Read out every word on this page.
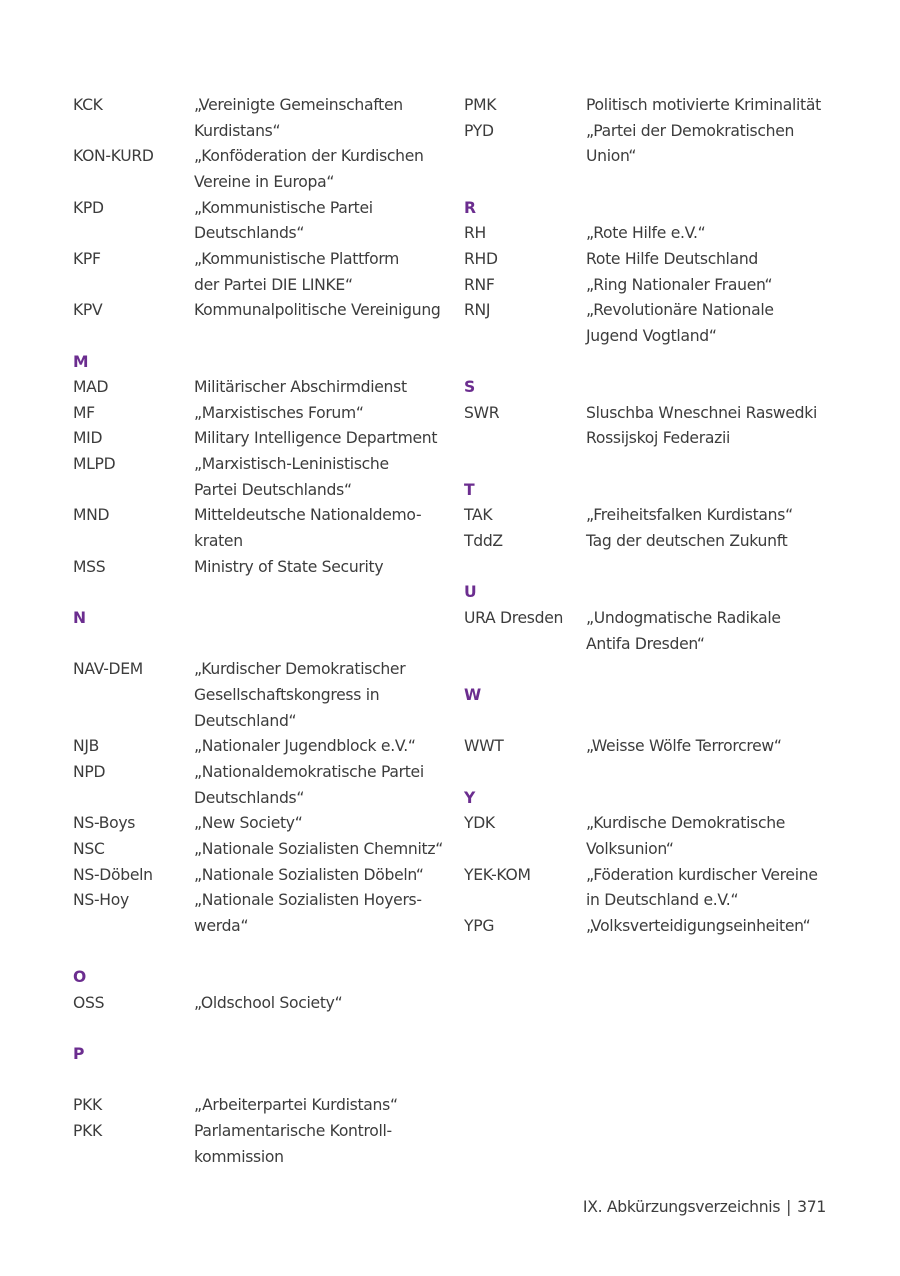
KCK	„Vereinigte Gemeinschaften
Kurdistans“
KON-KURD	„Konföderation der Kurdischen
Vereine in Europa“
KPD	„Kommunistische Partei
Deutschlands“
KPF	„Kommunistische Plattform
der Partei DIE LINKE“
KPV	Kommunalpolitische Vereinigung
M
MAD	Militärischer Abschirmdienst
MF	„Marxistisches Forum“
MID	Military Intelligence Department
MLPD	„Marxistisch-Leninistische
Partei Deutschlands“
MND	Mitteldeutsche Nationaldemo-
kraten
MSS	Ministry of State Security
N
NAV-DEM	„Kurdischer Demokratischer
Gesellschaftskongress in
Deutschland“
NJB	„Nationaler Jugendblock e.V.“
NPD	„Nationaldemokratische Partei
Deutschlands“
NS-Boys	„New Society“
NSC	„Nationale Sozialisten Chemnitz“
NS-Döbeln	„Nationale Sozialisten Döbeln“
NS-Hoy	„Nationale Sozialisten Hoyers-
werda“
O
OSS	„Oldschool Society“
P
PKK	„Arbeiterpartei Kurdistans“
PKK	Parlamentarische Kontroll-
kommission
PMK	Politisch motivierte Kriminalität
PYD	„Partei der Demokratischen
Union“
R
RH	„Rote Hilfe e.V.“
RHD	Rote Hilfe Deutschland
RNF	„Ring Nationaler Frauen“
RNJ	„Revolutionäre Nationale
Jugend Vogtland“
S
SWR	Sluschba Wneschnei Raswedki
Rossijskoj Federazii
T
TAK	„Freiheitsfalken Kurdistans“
TddZ	Tag der deutschen Zukunft
U
URA Dresden „Undogmatische Radikale
Antifa Dresden“
W
WWT	„Weisse Wölfe Terrorcrew“
Y
YDK	„Kurdische Demokratische
Volksunion“
YEK-KOM	„Föderation kurdischer Vereine
in Deutschland e.V.“
YPG	„Volksverteidigungseinheiten“
IX. Abkürzungsverzeichnis | 371
